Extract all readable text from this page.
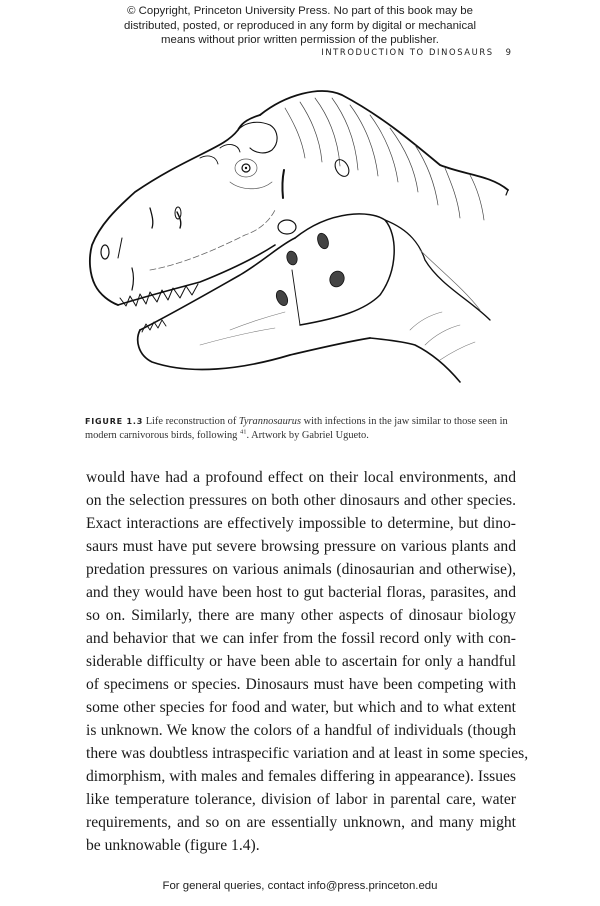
© Copyright, Princeton University Press. No part of this book may be
distributed, posted, or reproduced in any form by digital or mechanical
means without prior written permission of the publisher.
INTRODUCTION TO DINOSAURS 9
FIGURE 1.3 Life reconstruction of Tyrannosaurus with infections in the jaw similar to those seen in modern carnivorous birds, following $^{41}$. Artwork by Gabriel Ugueto.
would have had a profound effect on their local environments, and
on the selection pressures on both other dinosaurs and other species.
Exact interactions are effectively impossible to determine, but dino-
saurs must have put severe browsing pressure on various plants and
predation pressures on various animals (dinosaurian and otherwise),
and they would have been host to gut bacterial floras, parasites, and
so on. Similarly, there are many other aspects of dinosaur biology
and behavior that we can infer from the fossil record only with con-
siderable difficulty or have been able to ascertain for only a handful
of specimens or species. Dinosaurs must have been competing with
some other species for food and water, but which and to what extent
is unknown. We know the colors of a handful of individuals (though
there was doubtless intraspecific variation and at least in some species,
dimorphism, with males and females differing in appearance). Issues
like temperature tolerance, division of labor in parental care, water
requirements, and so on are essentially unknown, and many might
be unknowable (figure 1.4).
For general queries, contact info@press.princeton.edu
